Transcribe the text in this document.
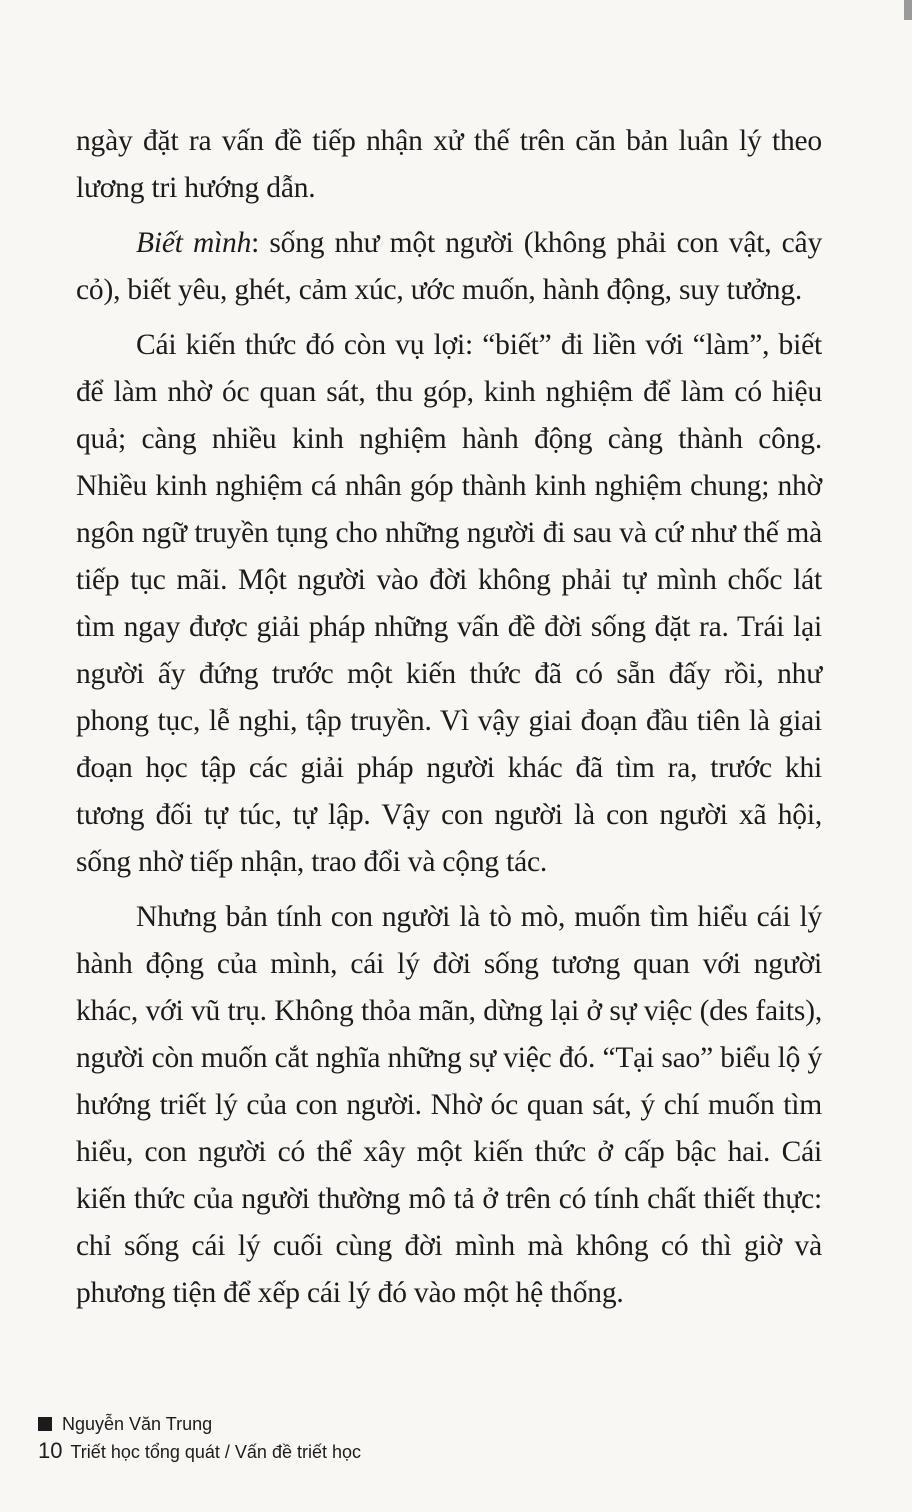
ngày đặt ra vấn đề tiếp nhận xử thế trên căn bản luân lý theo lương tri hướng dẫn.

Biết mình: sống như một người (không phải con vật, cây cỏ), biết yêu, ghét, cảm xúc, ước muốn, hành động, suy tưởng.

Cái kiến thức đó còn vụ lợi: “biết” đi liền với “làm”, biết để làm nhờ óc quan sát, thu góp, kinh nghiệm để làm có hiệu quả; càng nhiều kinh nghiệm hành động càng thành công. Nhiều kinh nghiệm cá nhân góp thành kinh nghiệm chung; nhờ ngôn ngữ truyền tụng cho những người đi sau và cứ như thế mà tiếp tục mãi. Một người vào đời không phải tự mình chốc lát tìm ngay được giải pháp những vấn đề đời sống đặt ra. Trái lại người ấy đứng trước một kiến thức đã có sẵn đấy rồi, như phong tục, lễ nghi, tập truyền. Vì vậy giai đoạn đầu tiên là giai đoạn học tập các giải pháp người khác đã tìm ra, trước khi tương đối tự túc, tự lập. Vậy con người là con người xã hội, sống nhờ tiếp nhận, trao đổi và cộng tác.

Nhưng bản tính con người là tò mò, muốn tìm hiểu cái lý hành động của mình, cái lý đời sống tương quan với người khác, với vũ trụ. Không thỏa mãn, dừng lại ở sự việc (des faits), người còn muốn cắt nghĩa những sự việc đó. “Tại sao” biểu lộ ý hướng triết lý của con người. Nhờ óc quan sát, ý chí muốn tìm hiểu, con người có thể xây một kiến thức ở cấp bậc hai. Cái kiến thức của người thường mô tả ở trên có tính chất thiết thực: chỉ sống cái lý cuối cùng đời mình mà không có thì giờ và phương tiện để xếp cái lý đó vào một hệ thống.

Nguyễn Văn Trung
10 Triết học tổng quát / Vấn đề triết học
